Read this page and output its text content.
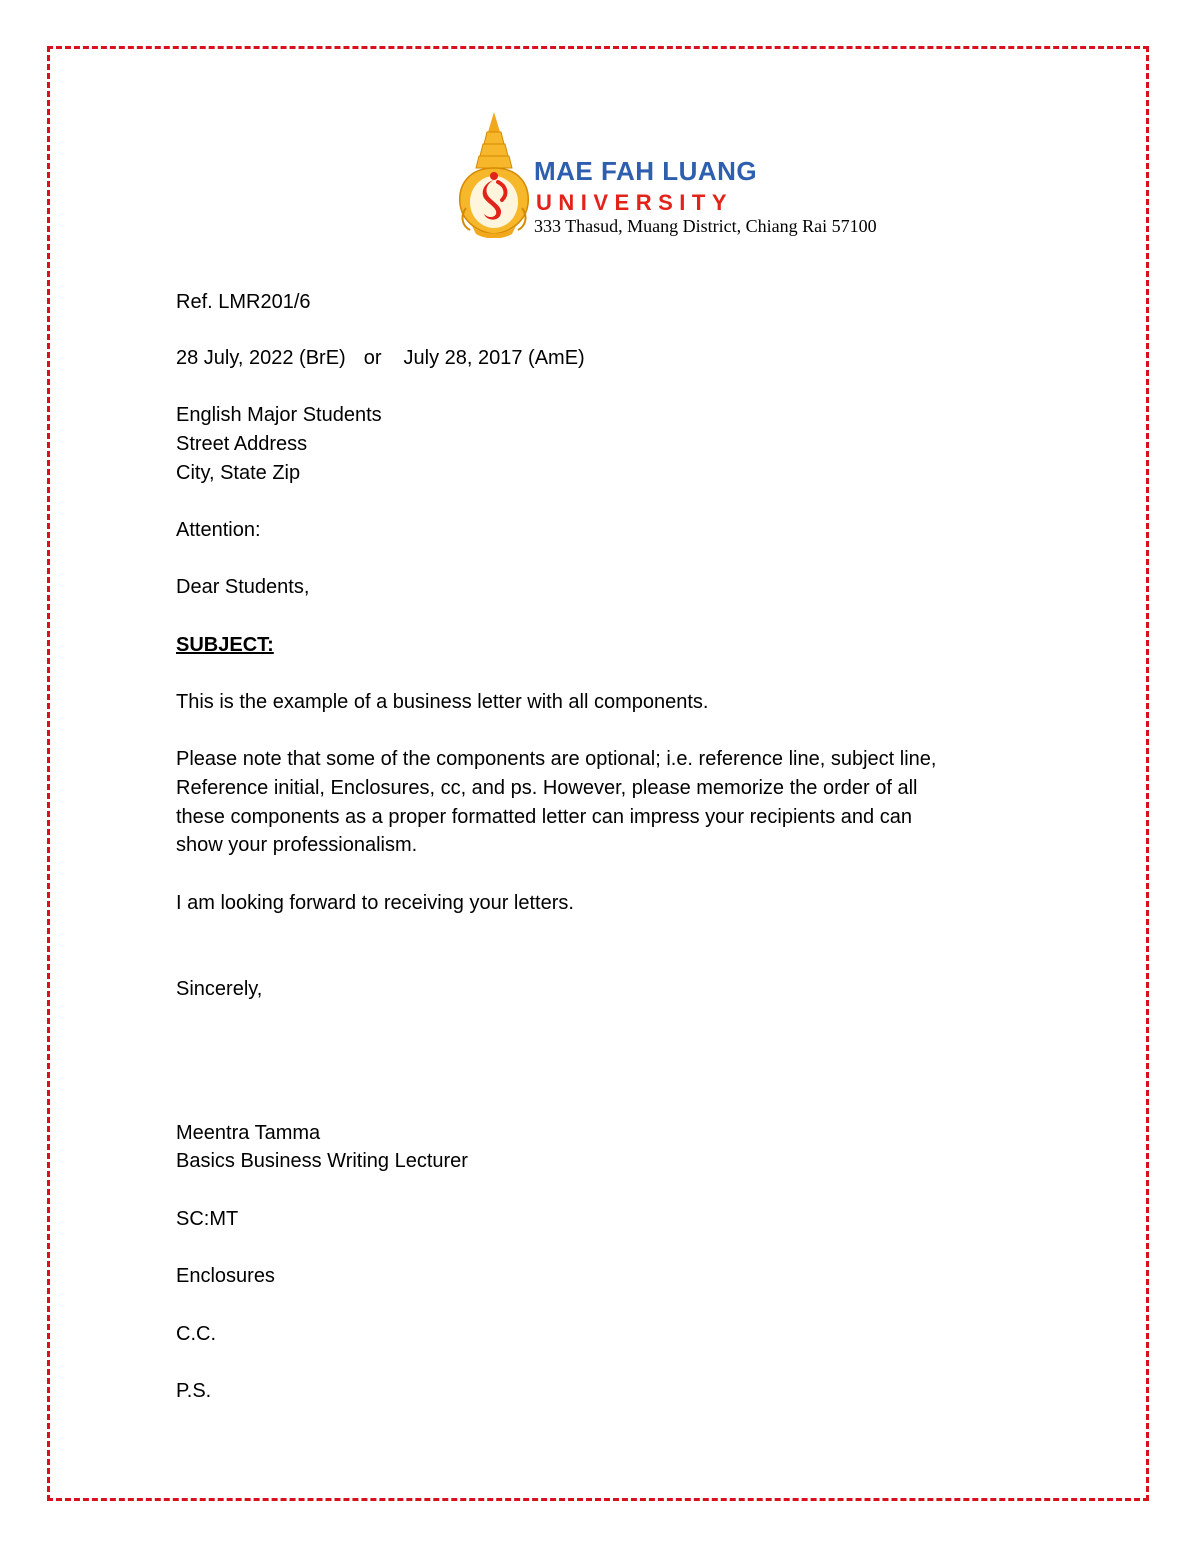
MAE FAH LUANG
UNIVERSITY
333 Thasud, Muang District, Chiang Rai 57100
Ref. LMR201/6
28 July, 2022 (BrE) or July 28, 2017 (AmE)
English Major Students
Street Address
City, State Zip
Attention:
Dear Students,
SUBJECT:
This is the example of a business letter with all components.
Please note that some of the components are optional; i.e. reference line, subject line,
Reference initial, Enclosures, cc, and ps. However, please memorize the order of all
these components as a proper formatted letter can impress your recipients and can
show your professionalism.
I am looking forward to receiving your letters.
Sincerely,
Meentra Tamma
Basics Business Writing Lecturer
SC:MT
Enclosures
C.C.
P.S.
